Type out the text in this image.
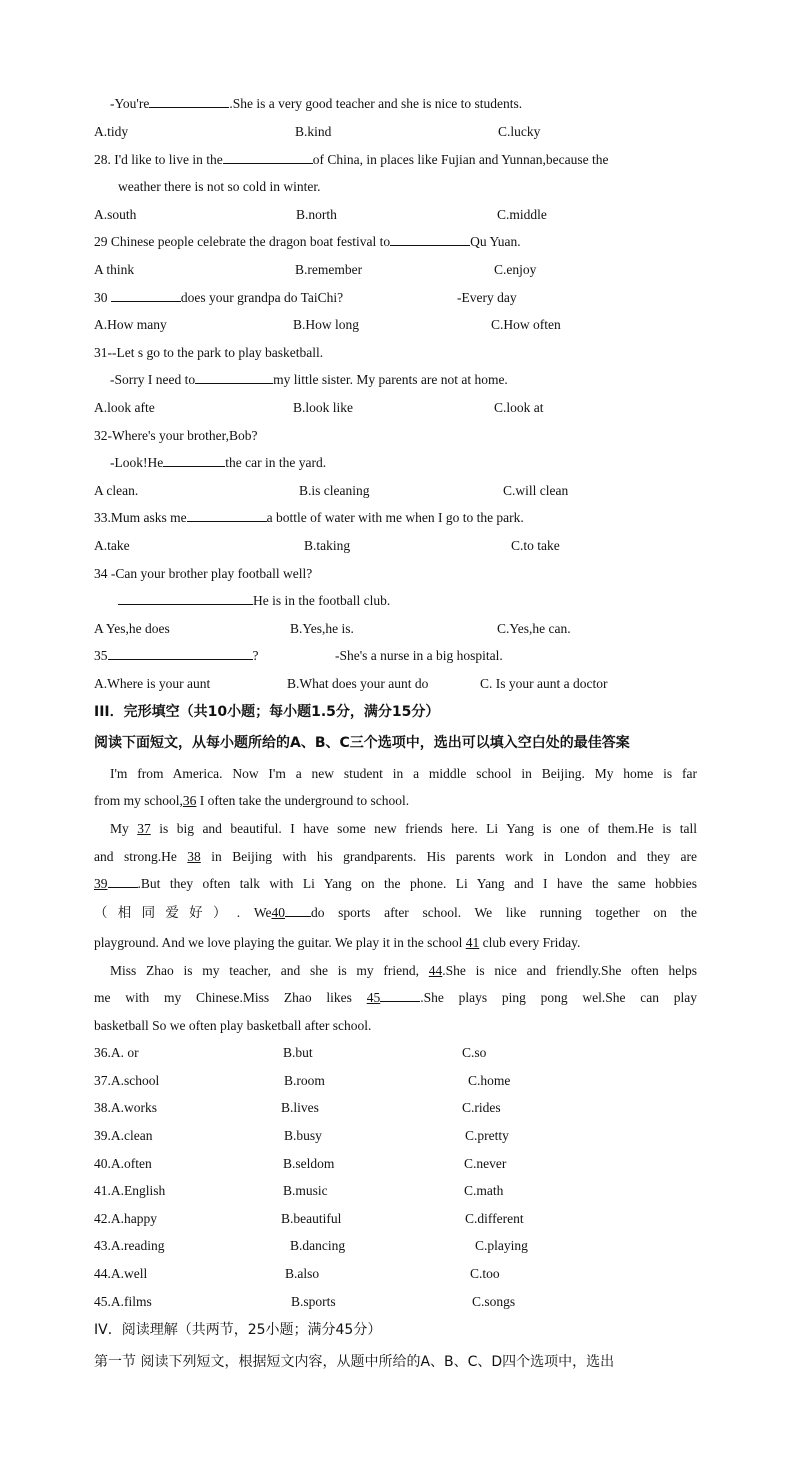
-You're	.She is a very good teacher and she is nice to students.
A.tidy	B.kind	C.lucky
28. I'd like to live in the	of China, in places like Fujian and Yunnan,because the
weather there is not so cold in winter.
A.south	B.north	C.middle
29 Chinese people celebrate the dragon boat festival to	Qu Yuan.
A think	B.remember	C.enjoy
30	does your grandpa do TaiChi?	-Every day
A.How many	B.How long	C.How often
31--Let s go to the park to play basketball.
-Sorry I need to	my little sister. My parents are not at home.
A.look afte	B.look like	C.look at
32-Where's your brother,Bob?
-Look!He	the car in the yard.
A clean.	B.is cleaning	C.will clean
33.Mum asks me	a bottle of water with me when I go to the park.
A.take	B.taking	C.to take
34 -Can your brother play football well?
He is in the football club.
A Yes,he does	B.Yes,he is.	C.Yes,he can.
35	?	-She's a nurse in a big hospital.
A.Where is your aunt	B.What does your aunt do	C. Is your aunt a doctor
III．完形填空（共10小题；每小题1.5分，满分15分）
阅读下面短文，从每小题所给的A、B、C三个选项中，选出可以填入空白处的最佳答案
I'm from America. Now I'm a new student in a middle school in Beijing. My home is far
from my school,36 I often take the underground to school.
My 37 is big and beautiful. I have some new friends here. Li Yang is one of them.He is tall
and strong.He 38 in Beijing with his grandparents. His parents work in London and they are
39 .But they often talk with Li Yang on the phone. Li Yang and I have the same hobbies
（相同爱好）. We40 do sports after school. We like running together on the
playground. And we love playing the guitar. We play it in the school 41 club every Friday.
Miss Zhao is my teacher, and she is my friend, 44.She is nice and friendly.She often helps
me with my Chinese.Miss Zhao likes 45	.She plays ping pong wel.She can play
basketball So we often play basketball after school.
36.A. or	B.but	C.so
37.A.school	B.room	C.home
38.A.works	B.lives	C.rides
39.A.clean	B.busy	C.pretty
40.A.often	B.seldom	C.never
41.A.English	B.music	C.math
42.A.happy	B.beautiful	C.different
43.A.reading	B.dancing	C.playing
44.A.well	B.also	C.too
45.A.films	B.sports	C.songs
IV．阅读理解（共两节，25小题；满分45分）
第一节 阅读下列短文，根据短文内容，从题中所给的A、B、C、D四个选项中，选出
